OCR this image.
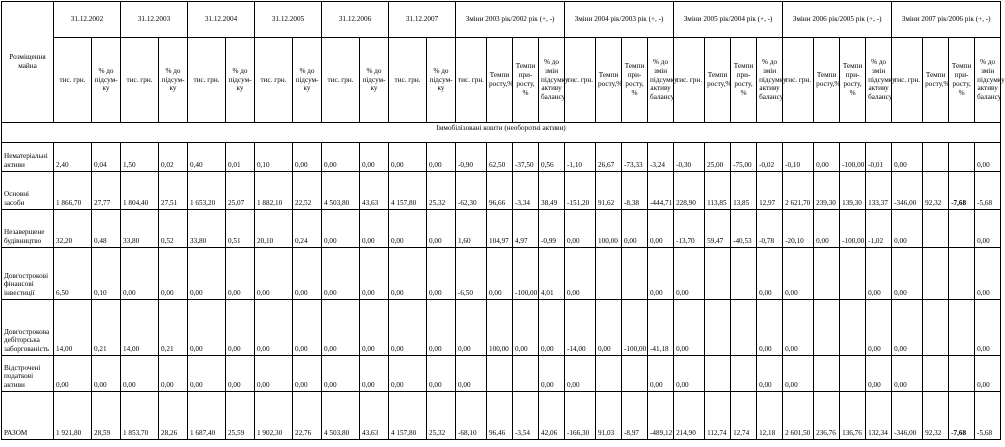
Розміщення майна	31.12.2002		31.12.2003		31.12.2004		31.12.2005		31.12.2006		31.12.2007		Зміни 2003 рік/2002 рік (+, -)				Зміни 2004 рік/2003 рік (+, -)				Зміни 2005 рік/2004 рік (+, -)				Зміни 2006 рік/2005 рік (+, -)				Зміни 2007 рік/2006 рік (+, -)			
	тис. грн.	% до підсум-ку	тис. грн.	% до підсум-ку	тис. грн.	% до підсум-ку	тис. грн.	% до підсум-ку	тис. грн.	% до підсум-ку	тис. грн.	% до підсум-ку	тис. грн.	Темпи росту,%	Темпи при-росту, %	% до змін підсумку активу балансу	тис. грн.	Темпи росту,%	Темпи при-росту, %	% до змін підсумку активу балансу	тис. грн.	Темпи росту,%	Темпи при-росту, %	% до змін підсумку активу балансу	тис. грн.	Темпи росту,%	Темпи при-росту, %	% до змін підсумку активу балансу	тис. грн.	Темпи росту,%	Темпи при-росту, %	% до змін підсумку активу балансу
Іммобілізовані кошти (необоротні активи)																																
Нематеріальні активи	2,40	0,04	1,50	0,02	0,40	0,01	0,10	0,00	0,00	0,00	0,00	0,00	-0,90	62,50	-37,50	0,56	-1,10	26,67	-73,33	-3,24	-0,30	25,00	-75,00	-0,02	-0,10	0,00	-100,00	-0,01	0,00			0,00
Основні засоби	1 866,70	27,77	1 804,40	27,51	1 653,20	25,07	1 882,10	22,52	4 503,80	43,63	4 157,80	25,32	-62,30	96,66	-3,34	38,49	-151,20	91,62	-8,38	-444,71	228,90	113,85	13,85	12,97	2 621,70	239,30	139,30	133,37	-346,00	92,32	-7,68	-5,68
Незавершене будівництво	32,20	0,48	33,80	0,52	33,80	0,51	20,10	0,24	0,00	0,00	0,00	0,00	1,60	104,97	4,97	-0,99	0,00	100,00	0,00	0,00	-13,70	59,47	-40,53	-0,78	-20,10	0,00	-100,00	-1,02	0,00			0,00
Довгострокові фінансові інвестиції	6,50	0,10	0,00	0,00	0,00	0,00	0,00	0,00	0,00	0,00	0,00	0,00	-6,50	0,00	-100,00	4,01	0,00			0,00	0,00			0,00	0,00			0,00	0,00			0,00
Довгострокова дебіторська заборгованість	14,00	0,21	14,00	0,21	0,00	0,00	0,00	0,00	0,00	0,00	0,00	0,00	0,00	100,00	0,00	0,00	-14,00	0,00	-100,00	-41,18	0,00			0,00	0,00			0,00	0,00			0,00
Відстрочені податкові активи	0,00	0,00	0,00	0,00	0,00	0,00	0,00	0,00	0,00	0,00	0,00	0,00	0,00			0,00	0,00			0,00	0,00			0,00	0,00			0,00	0,00			0,00
РАЗОМ	1 921,80	28,59	1 853,70	28,26	1 687,40	25,59	1 902,30	22,76	4 503,80	43,63	4 157,80	25,32	-68,10	96,46	-3,54	42,06	-166,30	91,03	-8,97	-489,12	214,90	112,74	12,74	12,18	2 601,50	236,76	136,76	132,34	-346,00	92,32	-7,68	-5,68
